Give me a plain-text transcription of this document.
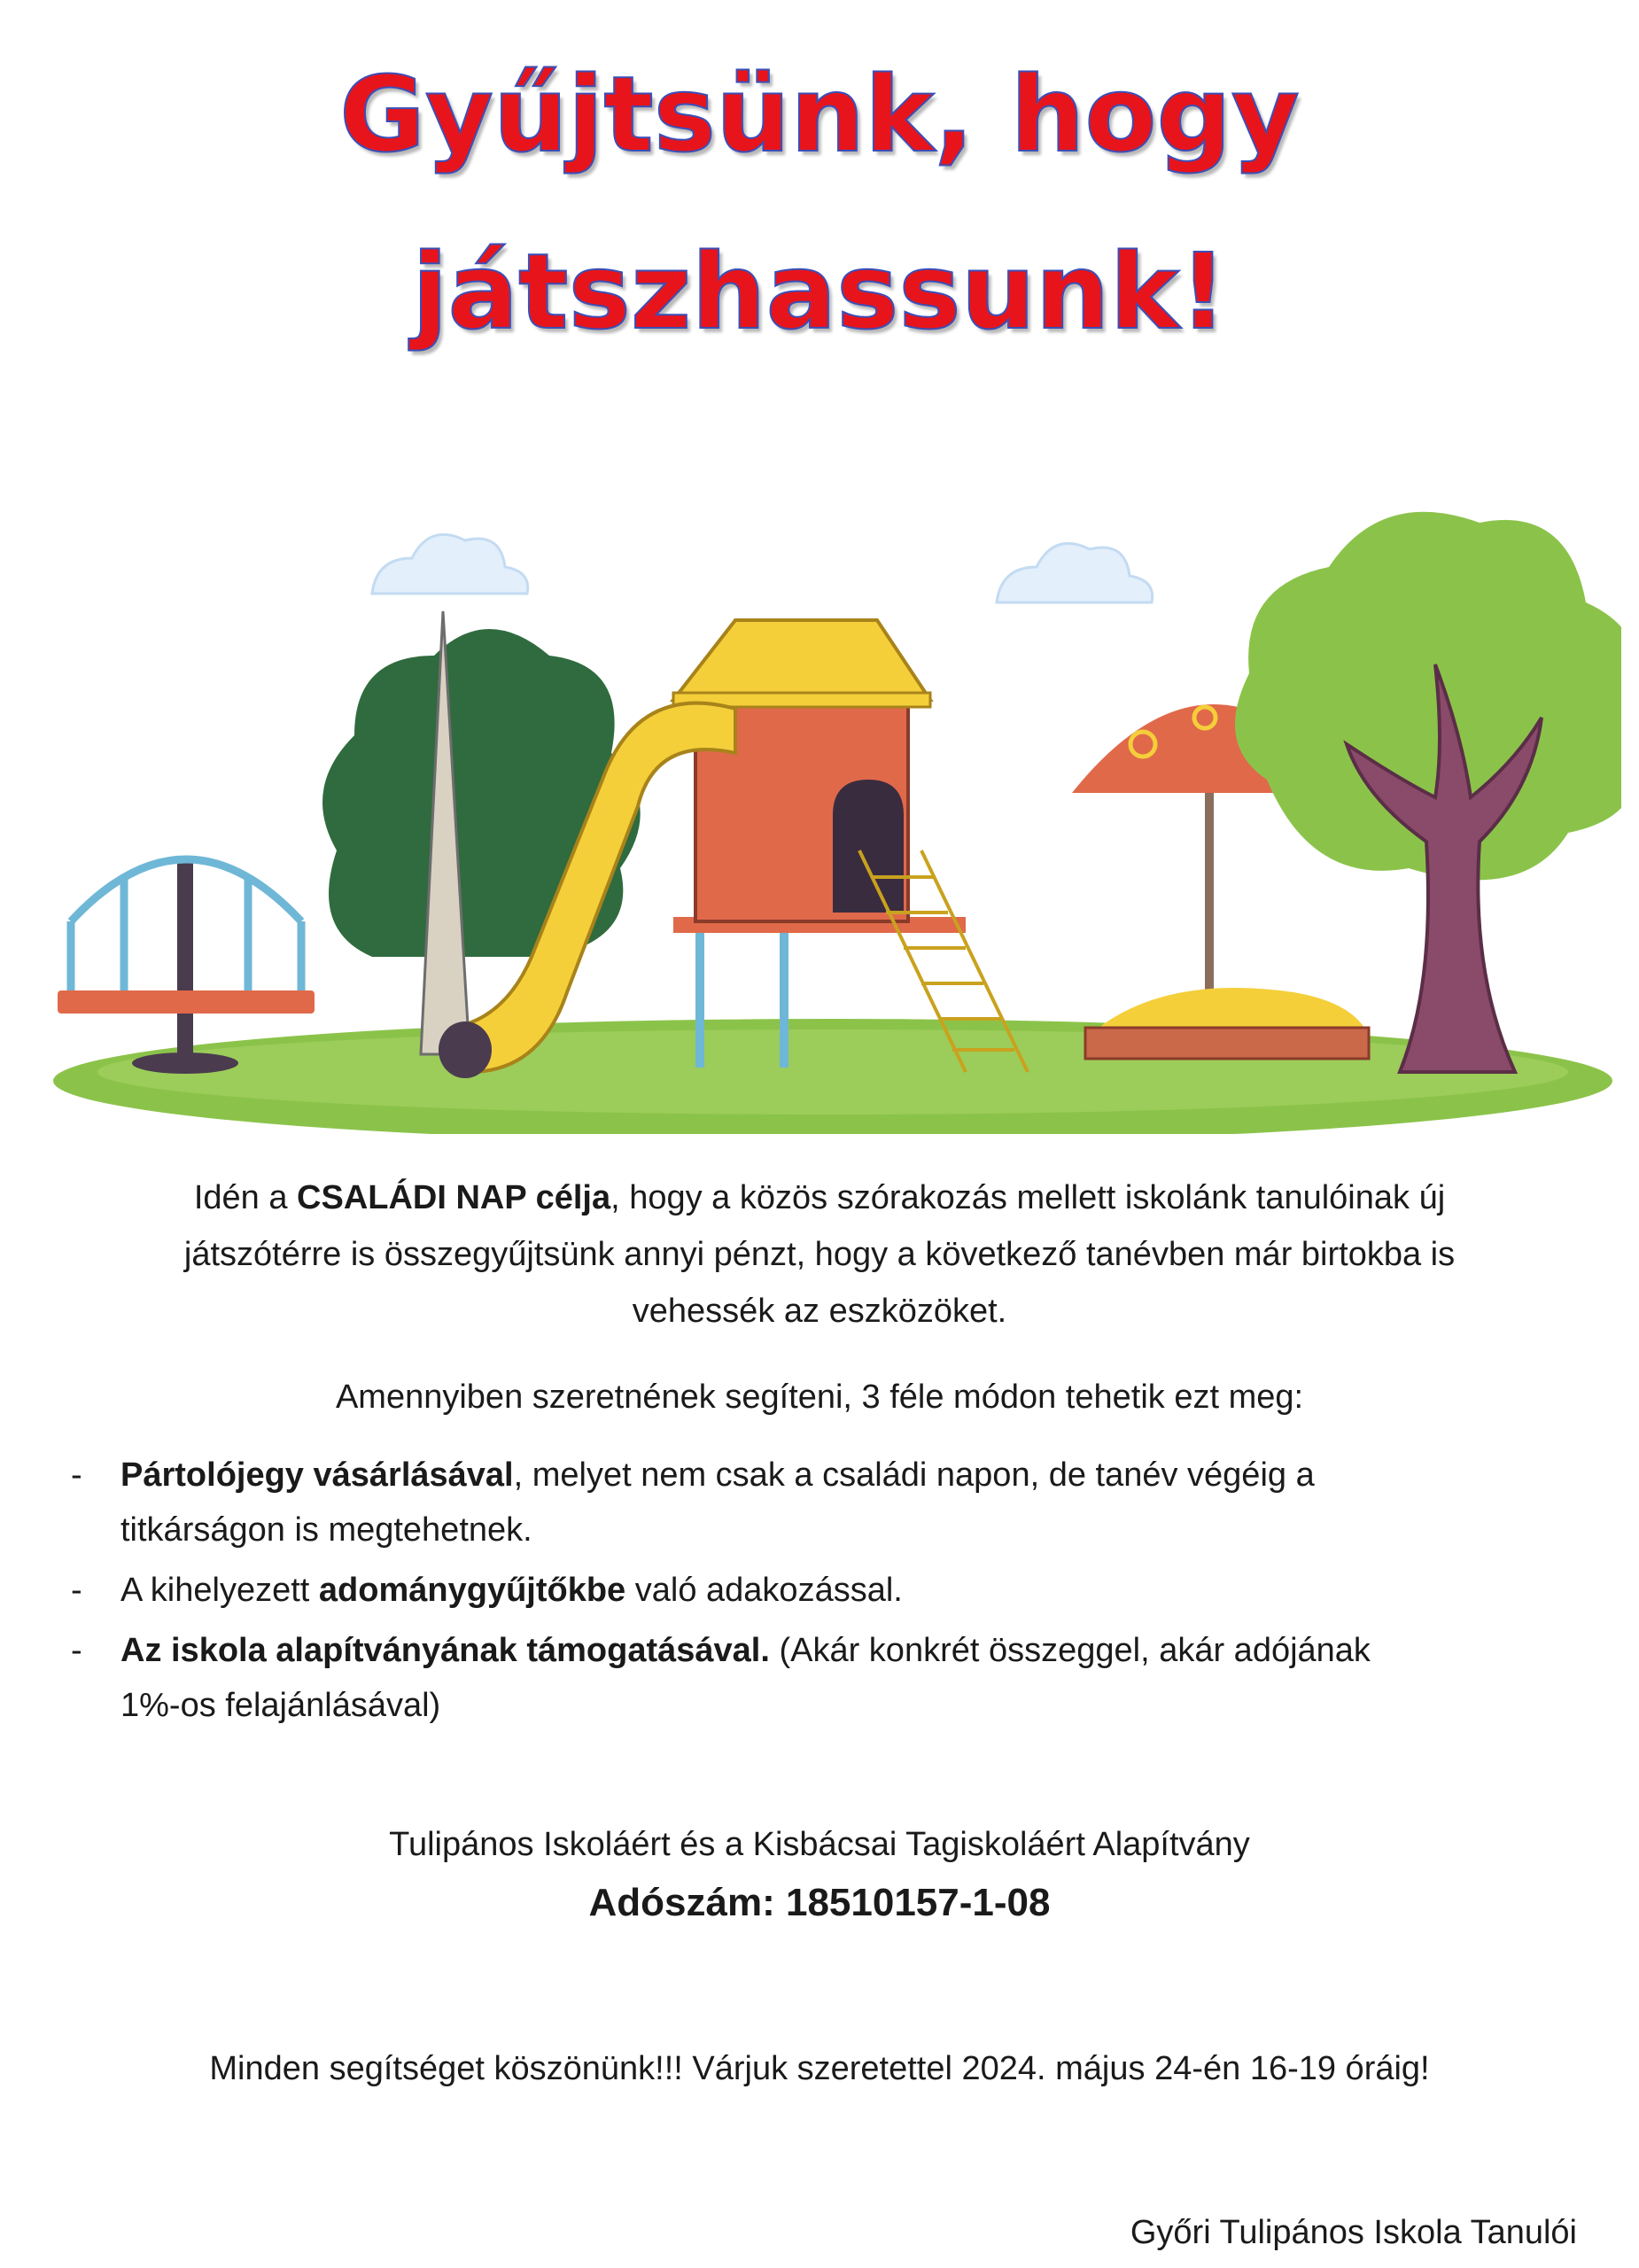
Gyűjtsünk, hogy
játszhassunk!

Idén a CSALÁDI NAP célja, hogy a közös szórakozás mellett iskolánk tanulóinak új
játszótérre is összegyűjtsünk annyi pénzt, hogy a következő tanévben már birtokba is
vehessék az eszközöket.

Amennyiben szeretnének segíteni, 3 féle módon tehetik ezt meg:

- Pártolójegy vásárlásával, melyet nem csak a családi napon, de tanév végéig a
titkárságon is megtehetnek.
- A kihelyezett adománygyűjtőkbe való adakozással.
- Az iskola alapítványának támogatásával. (Akár konkrét összeggel, akár adójának
1%-os felajánlásával)
Tulipános Iskoláért és a Kisbácsai Tagiskoláért Alapítvány
Adószám: 18510157-1-08
Minden segítséget köszönünk!!! Várjuk szeretettel 2024. május 24-én 16-19 óráig!
Győri Tulipános Iskola Tanulói
